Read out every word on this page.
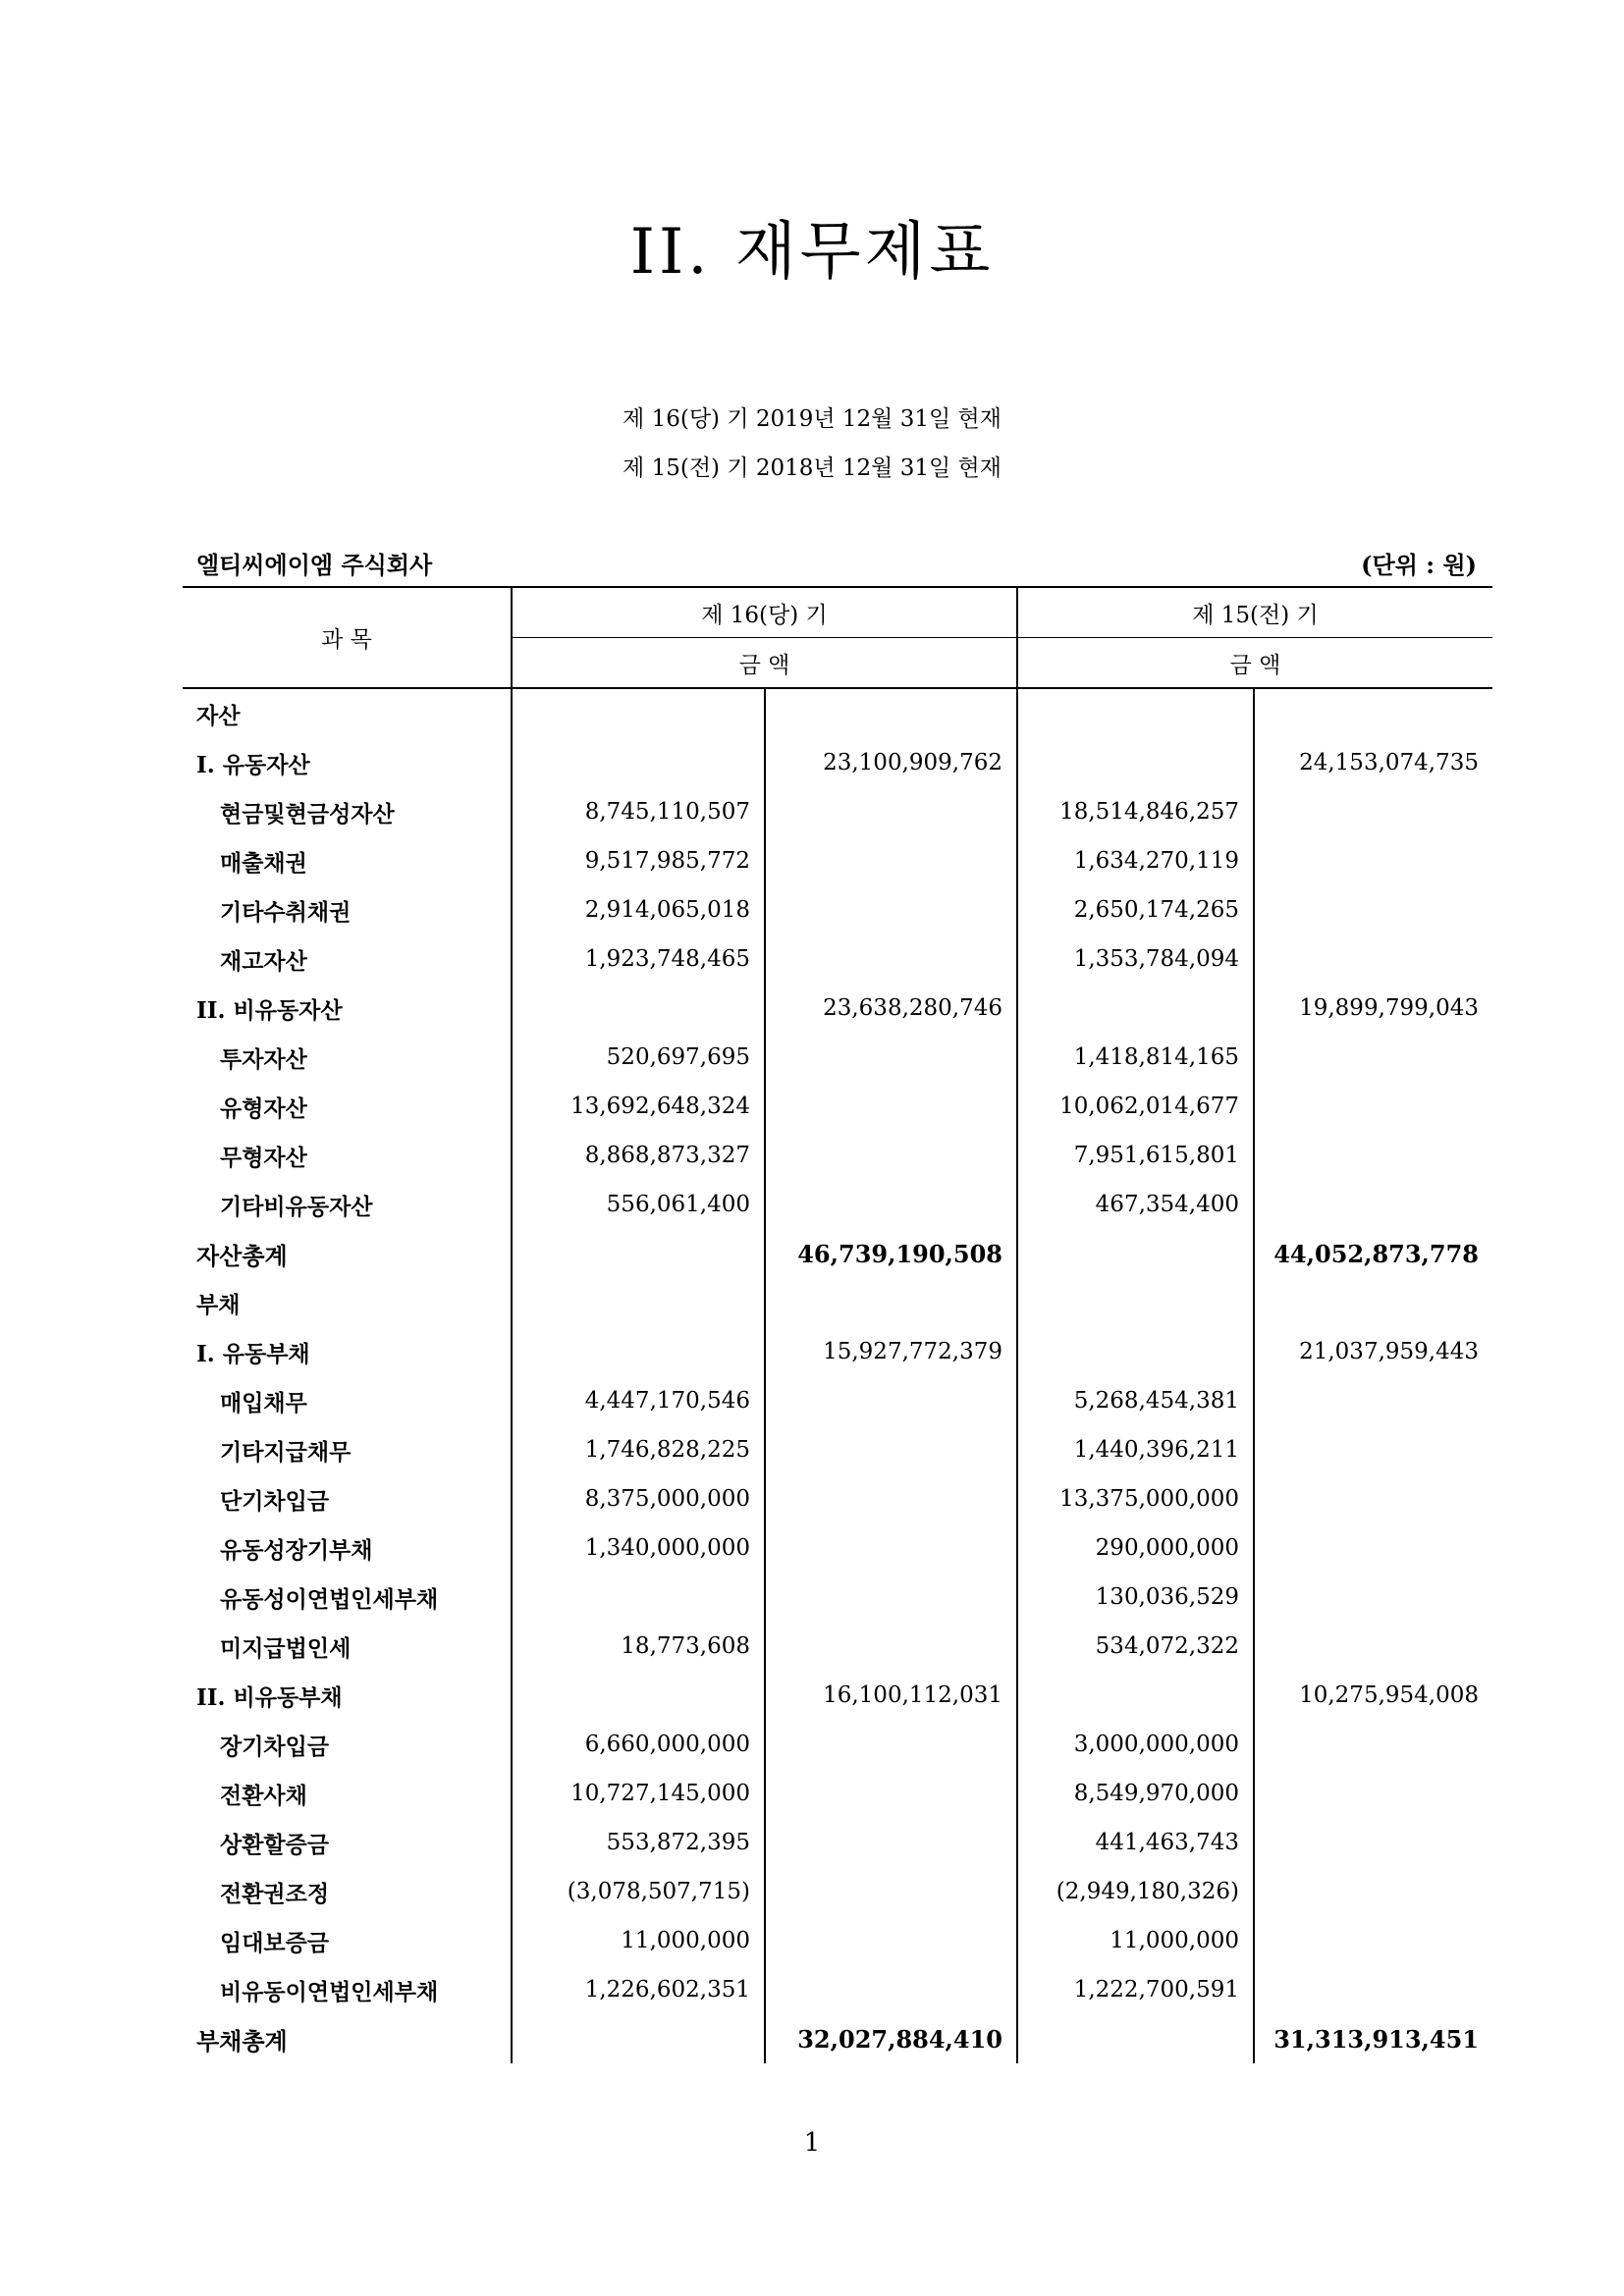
II. 재무제표
제 16(당) 기 2019년 12월 31일 현재
제 15(전) 기 2018년 12월 31일 현재
엘티씨에이엠 주식회사	(단위 : 원)
과 목	제 16(당) 기		제 15(전) 기	
	금 액		금 액	
자산				
I. 유동자산		23,100,909,762		24,153,074,735
현금및현금성자산	8,745,110,507		18,514,846,257	
매출채권	9,517,985,772		1,634,270,119	
기타수취채권	2,914,065,018		2,650,174,265	
재고자산	1,923,748,465		1,353,784,094	
II. 비유동자산		23,638,280,746		19,899,799,043
투자자산	520,697,695		1,418,814,165	
유형자산	13,692,648,324		10,062,014,677	
무형자산	8,868,873,327		7,951,615,801	
기타비유동자산	556,061,400		467,354,400	
자산총계		46,739,190,508		44,052,873,778
부채				
I. 유동부채		15,927,772,379		21,037,959,443
매입채무	4,447,170,546		5,268,454,381	
기타지급채무	1,746,828,225		1,440,396,211	
단기차입금	8,375,000,000		13,375,000,000	
유동성장기부채	1,340,000,000		290,000,000	
유동성이연법인세부채			130,036,529	
미지급법인세	18,773,608		534,072,322	
II. 비유동부채		16,100,112,031		10,275,954,008
장기차입금	6,660,000,000		3,000,000,000	
전환사채	10,727,145,000		8,549,970,000	
상환할증금	553,872,395		441,463,743	
전환권조정	(3,078,507,715)		(2,949,180,326)	
임대보증금	11,000,000		11,000,000	
비유동이연법인세부채	1,226,602,351		1,222,700,591	
부채총계		32,027,884,410		31,313,913,451
1
